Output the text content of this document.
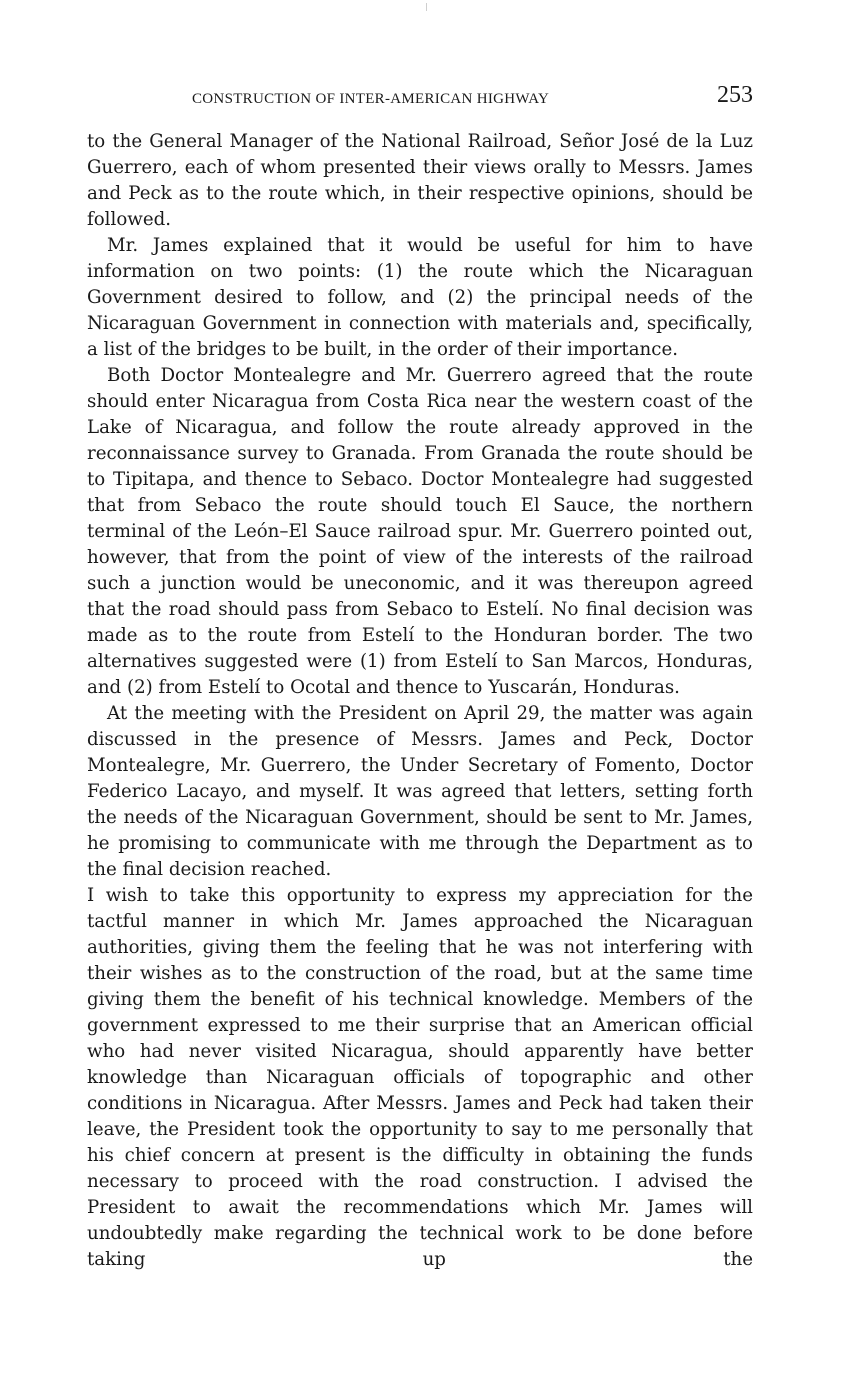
CONSTRUCTION OF INTER-AMERICAN HIGHWAY	253

to the General Manager of the National Railroad, Señor José de la Luz Guerrero, each of whom presented their views orally to Messrs. James and Peck as to the route which, in their respective opinions, should be followed.

Mr. James explained that it would be useful for him to have information on two points: (1) the route which the Nicaraguan Government desired to follow, and (2) the principal needs of the Nicaraguan Government in connection with materials and, specifically, a list of the bridges to be built, in the order of their importance.

Both Doctor Montealegre and Mr. Guerrero agreed that the route should enter Nicaragua from Costa Rica near the western coast of the Lake of Nicaragua, and follow the route already approved in the reconnaissance survey to Granada. From Granada the route should be to Tipitapa, and thence to Sebaco. Doctor Montealegre had suggested that from Sebaco the route should touch El Sauce, the northern terminal of the León–El Sauce railroad spur. Mr. Guerrero pointed out, however, that from the point of view of the interests of the railroad such a junction would be uneconomic, and it was thereupon agreed that the road should pass from Sebaco to Estelí. No final decision was made as to the route from Estelí to the Honduran border. The two alternatives suggested were (1) from Estelí to San Marcos, Honduras, and (2) from Estelí to Ocotal and thence to Yuscarán, Honduras.

At the meeting with the President on April 29, the matter was again discussed in the presence of Messrs. James and Peck, Doctor Montealegre, Mr. Guerrero, the Under Secretary of Fomento, Doctor Federico Lacayo, and myself. It was agreed that letters, setting forth the needs of the Nicaraguan Government, should be sent to Mr. James, he promising to communicate with me through the Department as to the final decision reached.

I wish to take this opportunity to express my appreciation for the tactful manner in which Mr. James approached the Nicaraguan authorities, giving them the feeling that he was not interfering with their wishes as to the construction of the road, but at the same time giving them the benefit of his technical knowledge. Members of the government expressed to me their surprise that an American official who had never visited Nicaragua, should apparently have better knowledge than Nicaraguan officials of topographic and other conditions in Nicaragua. After Messrs. James and Peck had taken their leave, the President took the opportunity to say to me personally that his chief concern at present is the difficulty in obtaining the funds necessary to proceed with the road construction. I advised the President to await the recommendations which Mr. James will undoubtedly make regarding the technical work to be done before taking up the
